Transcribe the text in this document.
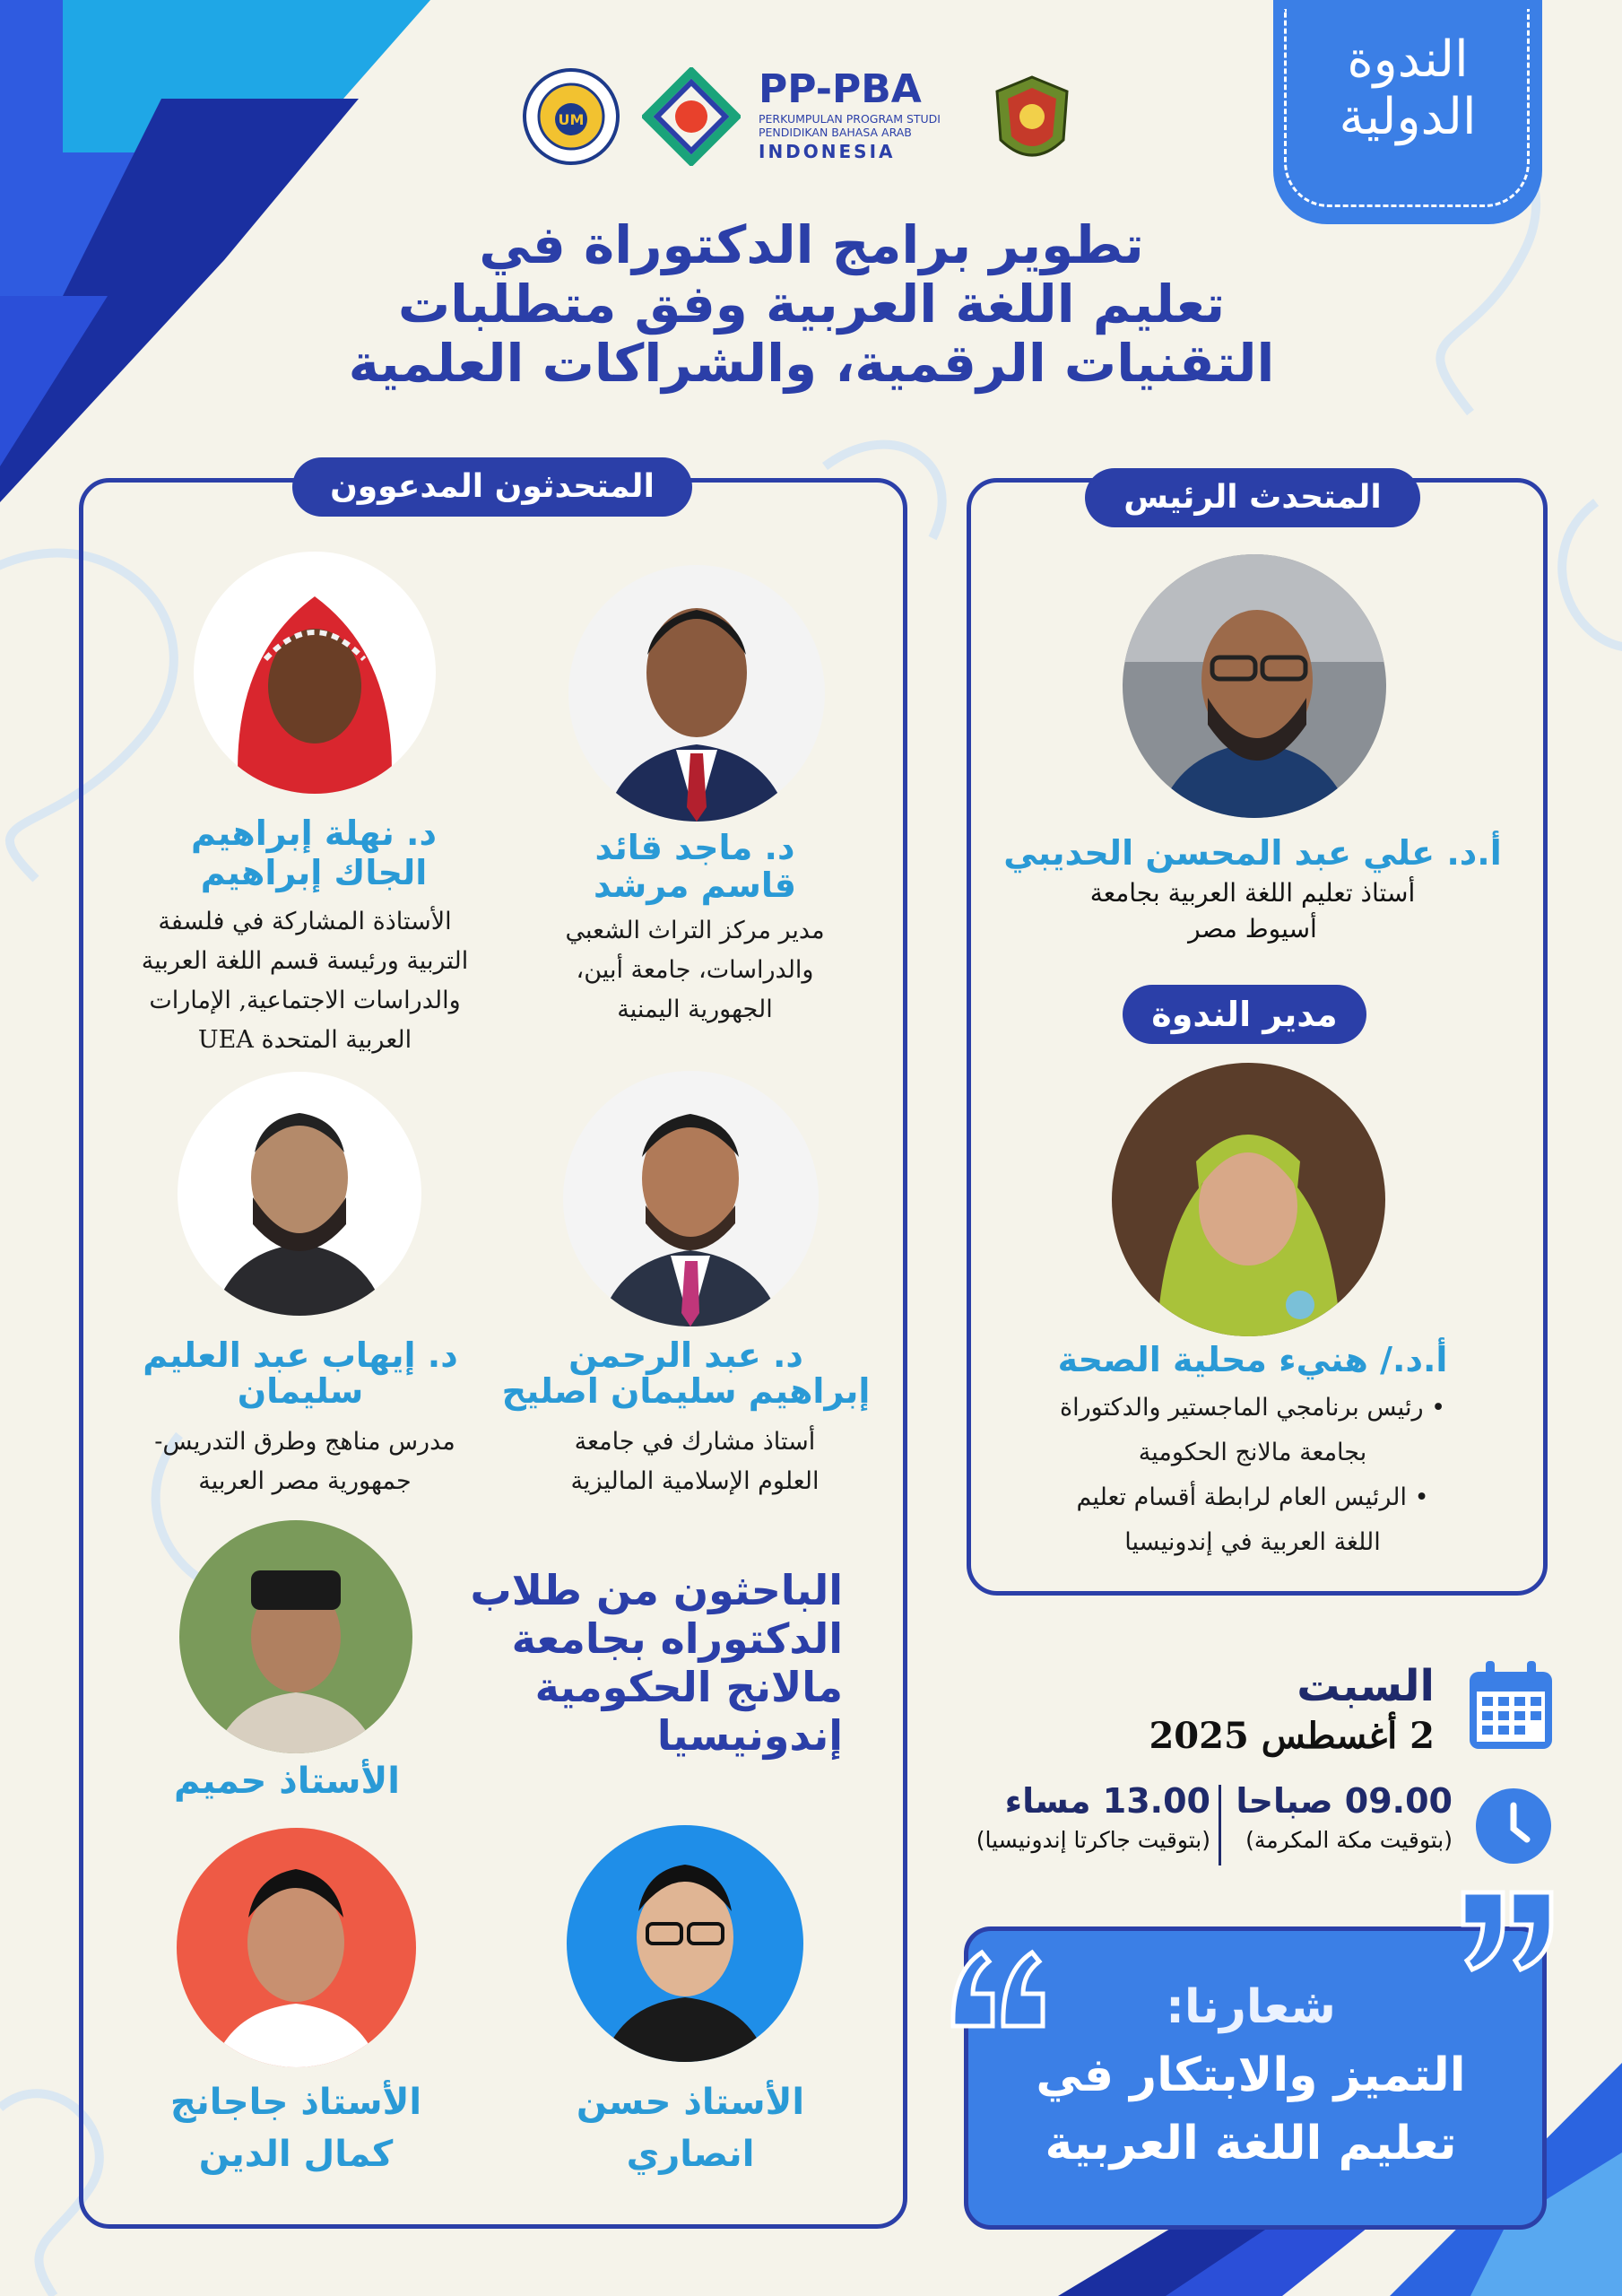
الندوة
الدولية
UM
PP-PBA
PERKUMPULAN PROGRAM STUDI
PENDIDIKAN BAHASA ARAB
INDONESIA
تطوير برامج الدكتوراة في
تعليم اللغة العربية وفق متطلبات
التقنيات الرقمية، والشراكات العلمية
المتحدث الرئيس
أ.د. علي عبد المحسن الحديبي
أستاذ تعليم اللغة العربية بجامعة
أسيوط مصر
مدير الندوة
أ.د./ هنيء محلية الصحة
• رئيس برنامجي الماجستير والدكتوراة
بجامعة مالانج الحكومية
• الرئيس العام لرابطة أقسام تعليم
اللغة العربية في إندونيسيا
المتحدثون المدعوون
د. ماجد قائد
قاسم مرشد
مدير مركز التراث الشعبي
والدراسات، جامعة أبين،
الجهورية اليمنية
د. نهلة إبراهيم
الجاك إبراهيم
الأستاذة المشاركة في فلسفة
التربية ورئيسة قسم اللغة العربية
والدراسات الاجتماعية, الإمارات
العربية المتحدة UEA
د. عبد الرحمن
إبراهيم سليمان اصليح
أستاذ مشارك في جامعة
العلوم الإسلامية الماليزية
د. إيهاب عبد العليم
سليمان
مدرس مناهج وطرق التدريس-
جمهورية مصر العربية
الباحثون من طلاب
الدكتوراه بجامعة
مالانج الحكومية
إندونيسيا
الأستاذ حميم
الأستاذ حسن
انصاري
الأستاذ جاجانج
كمال الدين
السبت
2 أغسطس 2025
09.00 صباحا
(بتوقيت مكة المكرمة)
13.00 مساء
(بتوقيت جاكرتا إندونيسيا)
شعارنا:
التميز والابتكار في
تعليم اللغة العربية
